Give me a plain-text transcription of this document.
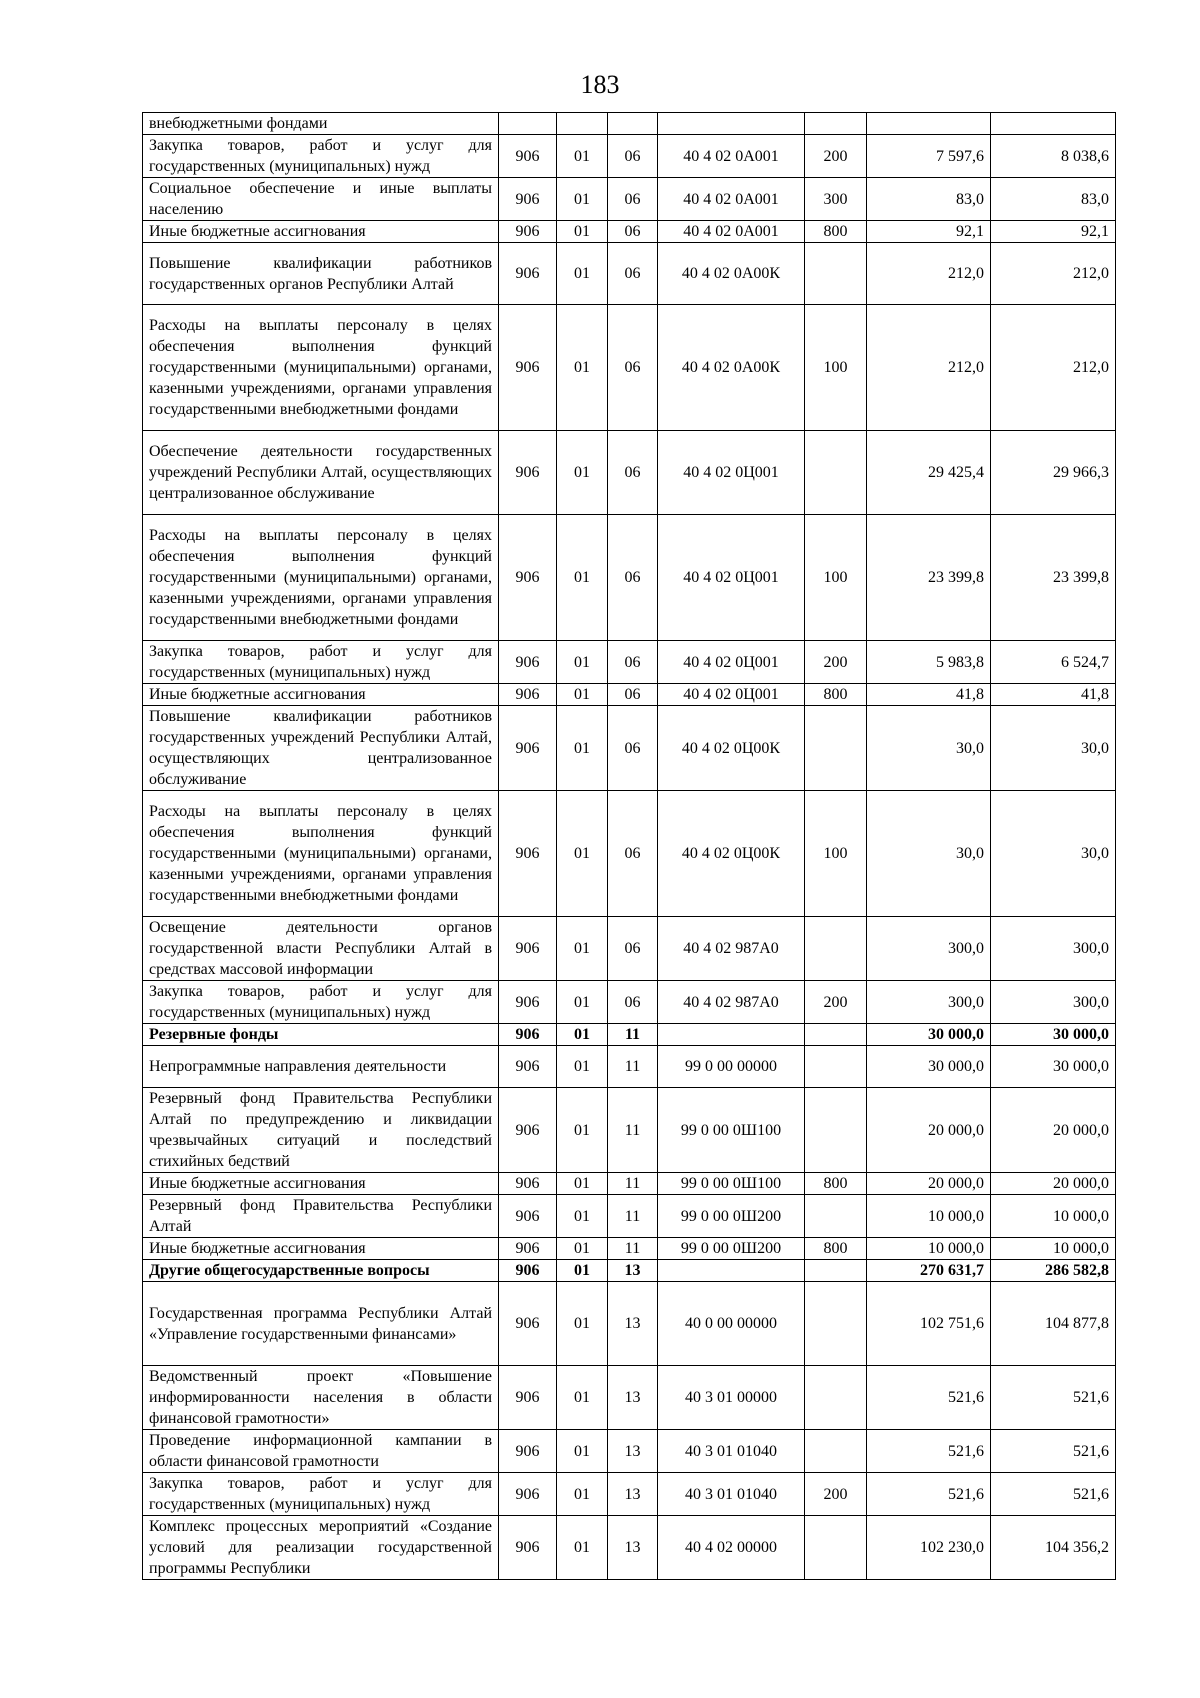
183
внебюджетными фондами							
Закупка товаров, работ и услуг для государственных (муниципальных) нужд	906	01	06	40 4 02 0А001	200	7 597,6	8 038,6
Социальное обеспечение и иные выплаты населению	906	01	06	40 4 02 0А001	300	83,0	83,0
Иные бюджетные ассигнования	906	01	06	40 4 02 0А001	800	92,1	92,1
Повышение квалификации работников государственных органов Республики Алтай	906	01	06	40 4 02 0А00К		212,0	212,0
Расходы на выплаты персоналу в целях обеспечения выполнения функций государственными (муниципальными) органами, казенными учреждениями, органами управления государственными внебюджетными фондами	906	01	06	40 4 02 0А00К	100	212,0	212,0
Обеспечение деятельности государственных учреждений Республики Алтай, осуществляющих централизованное обслуживание	906	01	06	40 4 02 0Ц001		29 425,4	29 966,3
Расходы на выплаты персоналу в целях обеспечения выполнения функций государственными (муниципальными) органами, казенными учреждениями, органами управления государственными внебюджетными фондами	906	01	06	40 4 02 0Ц001	100	23 399,8	23 399,8
Закупка товаров, работ и услуг для государственных (муниципальных) нужд	906	01	06	40 4 02 0Ц001	200	5 983,8	6 524,7
Иные бюджетные ассигнования	906	01	06	40 4 02 0Ц001	800	41,8	41,8
Повышение квалификации работников государственных учреждений Республики Алтай, осуществляющих централизованное обслуживание	906	01	06	40 4 02 0Ц00К		30,0	30,0
Расходы на выплаты персоналу в целях обеспечения выполнения функций государственными (муниципальными) органами, казенными учреждениями, органами управления государственными внебюджетными фондами	906	01	06	40 4 02 0Ц00К	100	30,0	30,0
Освещение деятельности органов государственной власти Республики Алтай в средствах массовой информации	906	01	06	40 4 02 987А0		300,0	300,0
Закупка товаров, работ и услуг для государственных (муниципальных) нужд	906	01	06	40 4 02 987А0	200	300,0	300,0
Резервные фонды	906	01	11			30 000,0	30 000,0
Непрограммные направления деятельности	906	01	11	99 0 00 00000		30 000,0	30 000,0
Резервный фонд Правительства Республики Алтай по предупреждению и ликвидации чрезвычайных ситуаций и последствий стихийных бедствий	906	01	11	99 0 00 0Ш100		20 000,0	20 000,0
Иные бюджетные ассигнования	906	01	11	99 0 00 0Ш100	800	20 000,0	20 000,0
Резервный фонд Правительства Республики Алтай	906	01	11	99 0 00 0Ш200		10 000,0	10 000,0
Иные бюджетные ассигнования	906	01	11	99 0 00 0Ш200	800	10 000,0	10 000,0
Другие общегосударственные вопросы	906	01	13			270 631,7	286 582,8
Государственная программа Республики Алтай «Управление государственными финансами»	906	01	13	40 0 00 00000		102 751,6	104 877,8
Ведомственный проект «Повышение информированности населения в области финансовой грамотности»	906	01	13	40 3 01 00000		521,6	521,6
Проведение информационной кампании в области финансовой грамотности	906	01	13	40 3 01 01040		521,6	521,6
Закупка товаров, работ и услуг для государственных (муниципальных) нужд	906	01	13	40 3 01 01040	200	521,6	521,6
Комплекс процессных мероприятий «Создание условий для реализации государственной программы Республики	906	01	13	40 4 02 00000		102 230,0	104 356,2
